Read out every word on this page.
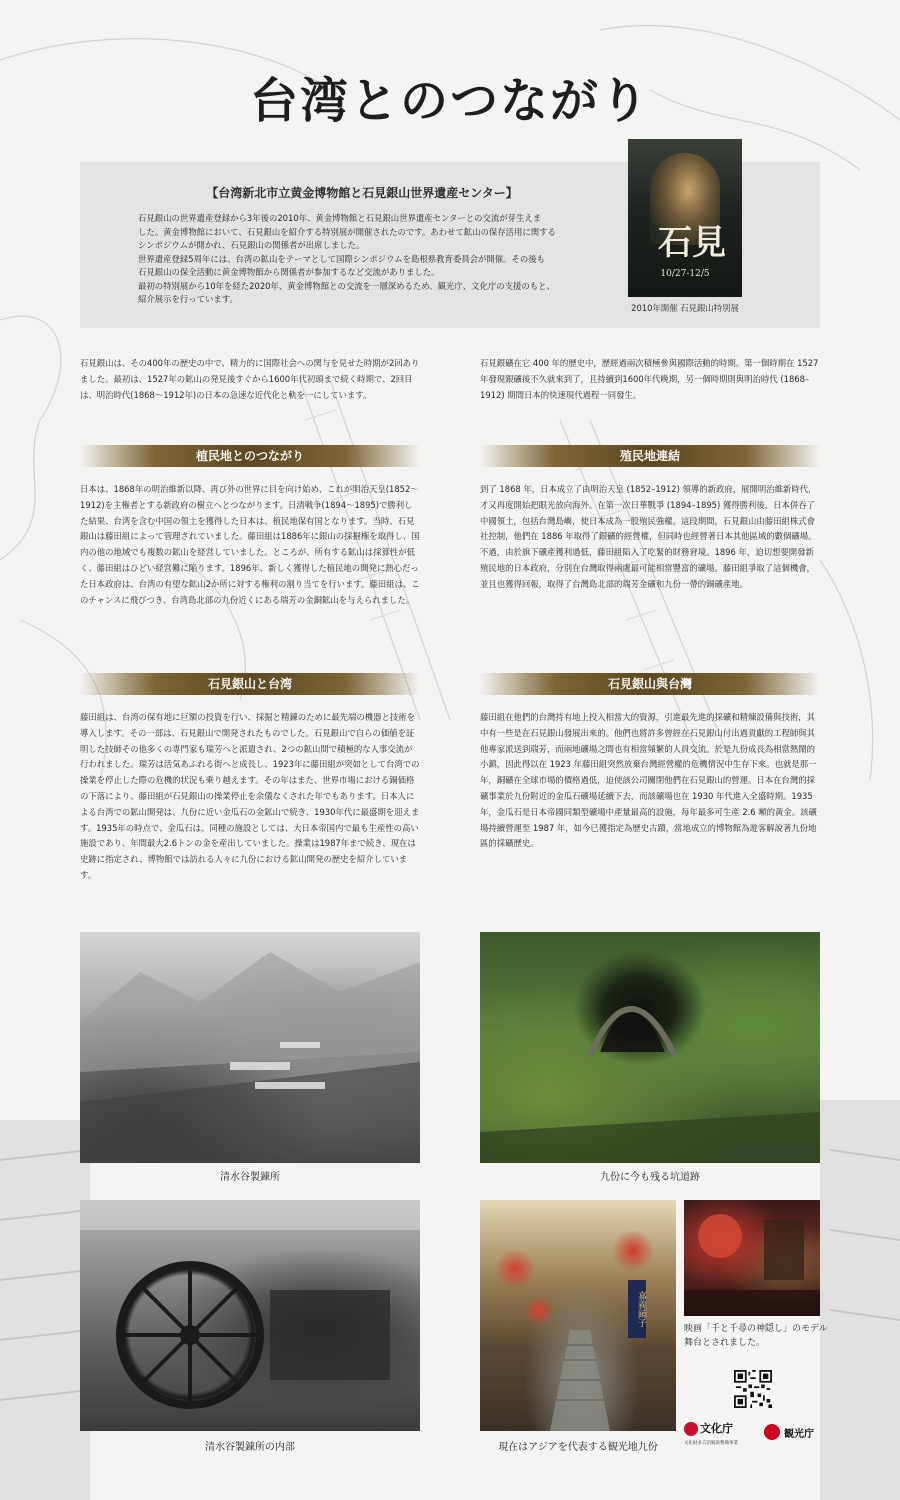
台湾とのつながり
【台湾新北市立黄金博物館と石見銀山世界遺産センター】

石見銀山の世界遺産登録から3年後の2010年、黄金博物館と石見銀山世界遺産センターとの交流が芽生えま

した。黄金博物館において、石見銀山を紹介する特別展が開催されたのです。あわせて鉱山の保存活用に関する

シンポジウムが開かれ、石見銀山の関係者が出席しました。

世界遺産登録5周年には、台湾の鉱山をテーマとして国際シンポジウムを島根県教育委員会が開催。その後も

石見銀山の保全活動に黄金博物館から関係者が参加するなど交流がありました。

最初の特別展から10年を経た2020年、黄金博物館との交流を一層深めるため、観光庁、文化庁の支援のもと、

紹介展示を行っています。

石見
10/27-12/5
2010年開催 石見銀山特別展

石見銀山は、その400年の歴史の中で、精力的に国際社会への関与を見せた時期が2回ありました。最初は、1527年の鉱山の発見後すぐから1600年代初頭まで続く時期で、2回目は、明治時代(1868〜1912年)の日本の急速な近代化と軌を一にしています。

石見銀礦在它 400 年的歷史中，歷經過兩次積極參與國際活動的時期。第一個時期在 1527 年發現銀礦後不久就來到了，且持續到1600年代晚期，另一個時期則與明治時代 (1868–1912) 期間日本的快速現代過程一同發生。

植民地とのつながり	殖民地連結

日本は、1868年の明治維新以降、再び外の世界に目を向け始め、これが明治天皇(1852〜1912)を主権者とする新政府の樹立へとつながります。日清戦争(1894〜1895)で勝利した結果、台湾を含む中国の領土を獲得した日本は、植民地保有国となります。当時、石見銀山は藤田組によって管理されていました。藤田組は1886年に銀山の採掘権を取得し、国内の他の地域でも複数の鉱山を経営していました。ところが、所有する鉱山は採算性が低く、藤田組はひどい経営難に陥ります。1896年、新しく獲得した植民地の開発に熱心だった日本政府は、台湾の有望な鉱山2か所に対する権利の割り当てを行います。藤田組は、このチャンスに飛びつき、台湾島北部の九份近くにある瑞芳の金銅鉱山を与えられました。

到了 1868 年，日本成立了由明治天皇 (1852–1912) 領導的新政府，展開明治維新時代，才又再度開始把眼光放向海外。在第一次日華戰爭 (1894–1895) 獲得勝利後，日本併吞了中國領土，包括台灣島嶼，使日本成為一股殖民強權。這段期間，石見銀山由藤田組株式會社控制，他們在 1886 年取得了銀礦的經營權，但同時也經營著日本其他區域的數個礦場。不過，由於旗下礦產獲利過低，藤田組陷入了吃緊的財務窘境。1896 年，迫切想要開發新殖民地的日本政府，分別在台灣取得兩處最可能相當豐富的礦場。藤田組爭取了這個機會，並且也獲得回報，取得了台灣島北部的瑞芳金礦和九份一帶的銅礦產地。

石見銀山と台湾	石見銀山與台灣

藤田組は、台湾の保有地に巨額の投資を行い、採掘と精錬のために最先端の機器と技術を導入します。その一部は、石見銀山で開発されたものでした。石見銀山で自らの価値を証明した技師その他多くの専門家も瑞芳へと派遣され、2つの鉱山間で積極的な人事交流が行われました。瑞芳は活気あふれる街へと成長し、1923年に藤田組が突如として台湾での操業を停止した際の危機的状況も乗り越えます。その年はまた、世界市場における銅価格の下落により、藤田組が石見銀山の操業停止を余儀なくされた年でもあります。日本人による台湾での鉱山開発は、九份に近い金瓜石の金鉱山で続き、1930年代に最盛期を迎えます。1935年の時点で、金瓜石は、同種の施設としては、大日本帝国内で最も生産性の高い施設であり、年間最大2.6トンの金を産出していました。操業は1987年まで続き、現在は史跡に指定され、博物館では訪れる人々に九份における鉱山開発の歴史を紹介しています。

藤田組在他們的台灣持有地上投入相當大的資源，引進最先進的採礦和精煉設備與技術，其中有一些是在石見銀山發展出來的。他們也將許多曾經在石見銀山付出過貢獻的工程師與其他專家派送到瑞芳，而兩地礦場之間也有相當頻繁的人員交流。於是九份成長為相當熱鬧的小鎮，因此得以在 1923 年藤田組突然放棄台灣經營權的危機情況中生存下來。也就是那一年，銅礦在全球市場的價格過低，迫使該公司關閉他們在石見銀山的營運。日本在台灣的採礦事業於九份附近的金瓜石礦場延續下去，而該礦場也在 1930 年代進入全盛時期。1935 年，金瓜石是日本帝國同類型礦場中產量最高的設施，每年最多可生產 2.6 噸的黃金。該礦場持續營運至 1987 年，如今已獲指定為歷史古蹟，當地成立的博物館為遊客解說著九份地區的採礦歷史。

清水谷製錬所	九份に今も残る坑道跡
清水谷製錬所の内部
嘉義鋪子
現在はアジアを代表する観光地九份

映画「千と千尋の神隠し」のモデル舞台とされました。

文化庁
文化財多言語解説整備事業
観光庁
